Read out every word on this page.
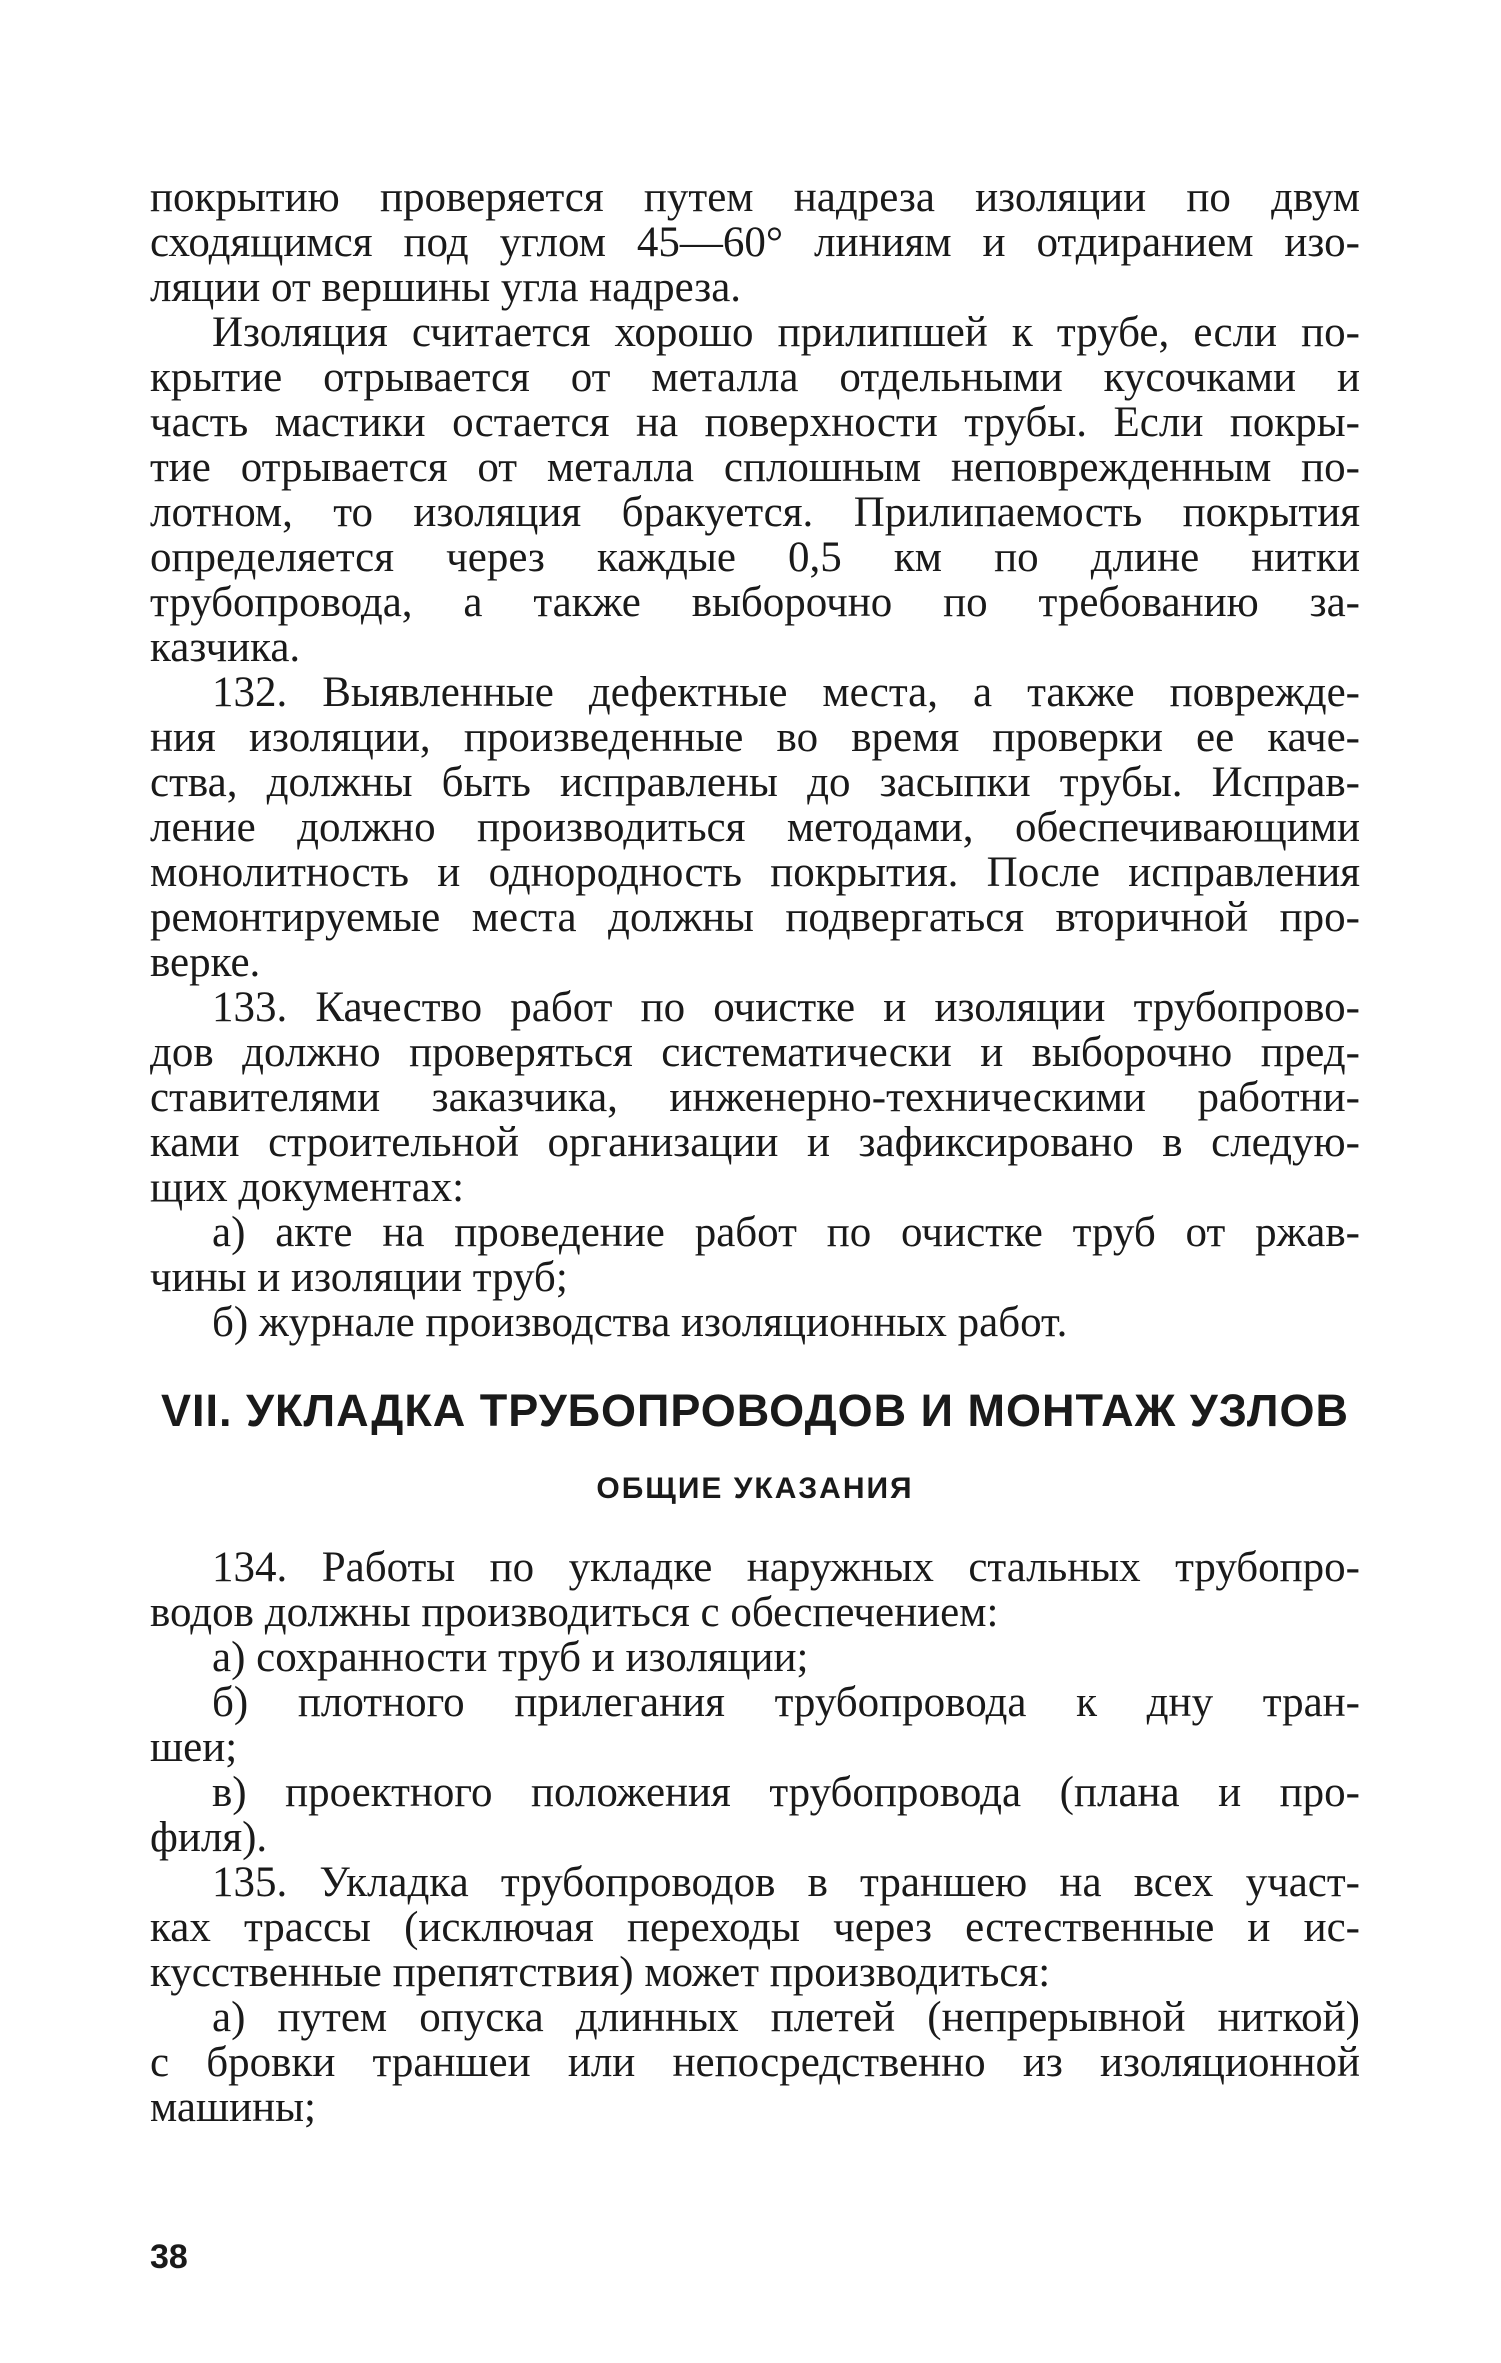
покрытию проверяется путем надреза изоляции по двум
сходящимся под углом 45—60° линиям и отдиранием изо-
ляции от вершины угла надреза.
Изоляция считается хорошо прилипшей к трубе, если по-
крытие отрывается от металла отдельными кусочками и
часть мастики остается на поверхности трубы. Если покры-
тие отрывается от металла сплошным неповрежденным по-
лотном, то изоляция бракуется. Прилипаемость покрытия
определяется через каждые 0,5 км по длине нитки
трубопровода, а также выборочно по требованию за-
казчика.
132. Выявленные дефектные места, а также поврежде-
ния изоляции, произведенные во время проверки ее каче-
ства, должны быть исправлены до засыпки трубы. Исправ-
ление должно производиться методами, обеспечивающими
монолитность и однородность покрытия. После исправления
ремонтируемые места должны подвергаться вторичной про-
верке.
133. Качество работ по очистке и изоляции трубопрово-
дов должно проверяться систематически и выборочно пред-
ставителями заказчика, инженерно-техническими работни-
ками строительной организации и зафиксировано в следую-
щих документах:
а) акте на проведение работ по очистке труб от ржав-
чины и изоляции труб;
б) журнале производства изоляционных работ.
VII. УКЛАДКА ТРУБОПРОВОДОВ И МОНТАЖ УЗЛОВ
ОБЩИЕ УКАЗАНИЯ
134. Работы по укладке наружных стальных трубопро-
водов должны производиться с обеспечением:
а) сохранности труб и изоляции;
б) плотного прилегания трубопровода к дну тран-
шеи;
в) проектного положения трубопровода (плана и про-
филя).
135. Укладка трубопроводов в траншею на всех участ-
ках трассы (исключая переходы через естественные и ис-
кусственные препятствия) может производиться:
а) путем опуска длинных плетей (непрерывной ниткой)
с бровки траншеи или непосредственно из изоляционной
машины;
38
